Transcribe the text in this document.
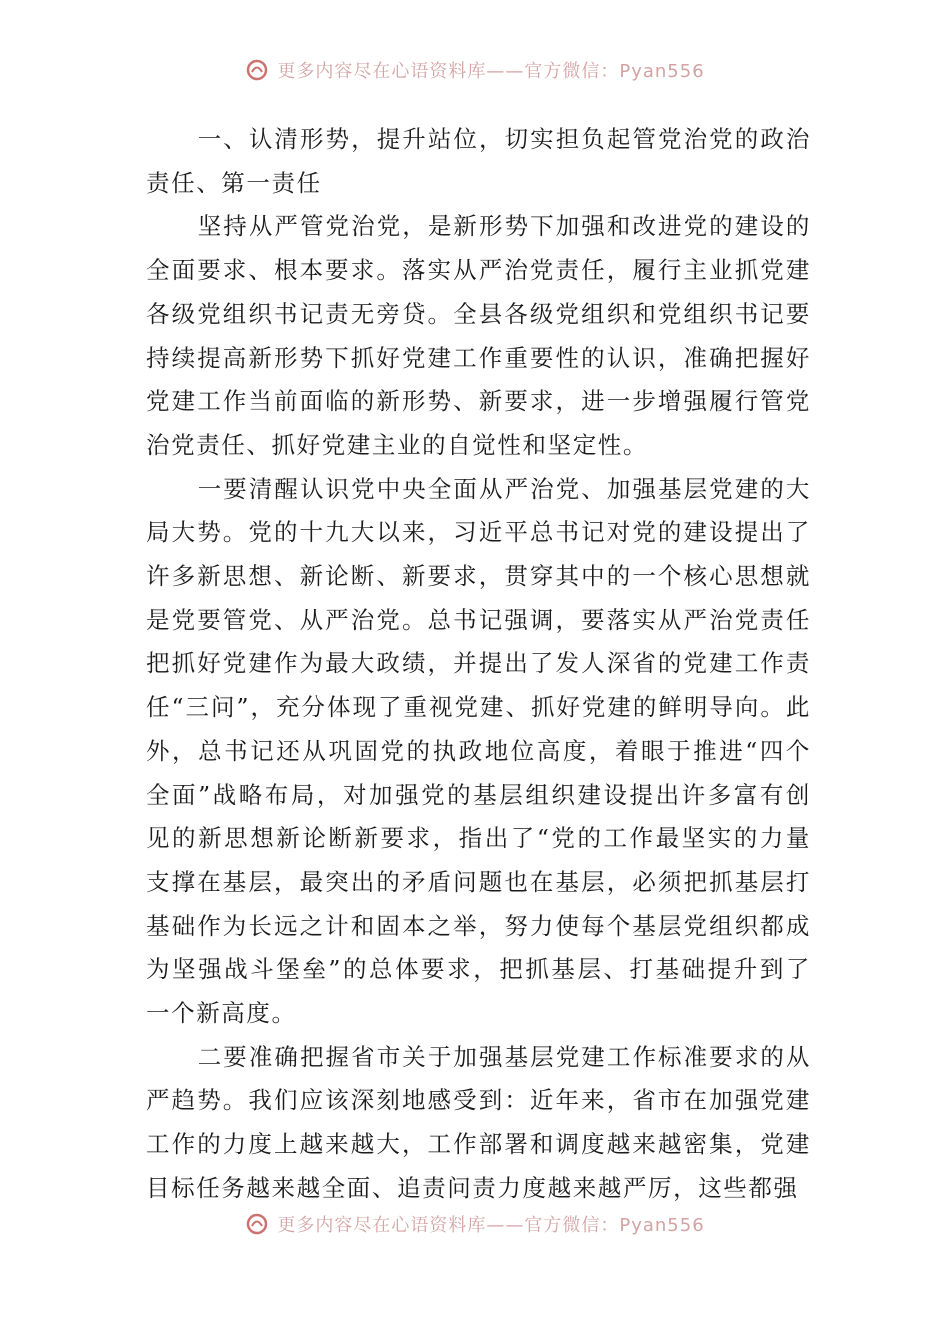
更多内容尽在心语资料库——官方微信：Pyan556

一、认清形势，提升站位，切实担负起管党治党的政治责任、第一责任

坚持从严管党治党，是新形势下加强和改进党的建设的全面要求、根本要求。落实从严治党责任，履行主业抓党建各级党组织书记责无旁贷。全县各级党组织和党组织书记要持续提高新形势下抓好党建工作重要性的认识，准确把握好党建工作当前面临的新形势、新要求，进一步增强履行管党治党责任、抓好党建主业的自觉性和坚定性。

一要清醒认识党中央全面从严治党、加强基层党建的大局大势。党的十九大以来，习近平总书记对党的建设提出了许多新思想、新论断、新要求，贯穿其中的一个核心思想就是党要管党、从严治党。总书记强调，要落实从严治党责任把抓好党建作为最大政绩，并提出了发人深省的党建工作责任“三问”，充分体现了重视党建、抓好党建的鲜明导向。此外，总书记还从巩固党的执政地位高度，着眼于推进“四个全面”战略布局，对加强党的基层组织建设提出许多富有创见的新思想新论断新要求，指出了“党的工作最坚实的力量支撑在基层，最突出的矛盾问题也在基层，必须把抓基层打基础作为长远之计和固本之举，努力使每个基层党组织都成为坚强战斗堡垒”的总体要求，把抓基层、打基础提升到了一个新高度。

二要准确把握省市关于加强基层党建工作标准要求的从严趋势。我们应该深刻地感受到：近年来，省市在加强党建工作的力度上越来越大，工作部署和调度越来越密集，党建目标任务越来越全面、追责问责力度越来越严厉，这些都强

更多内容尽在心语资料库——官方微信：Pyan556
